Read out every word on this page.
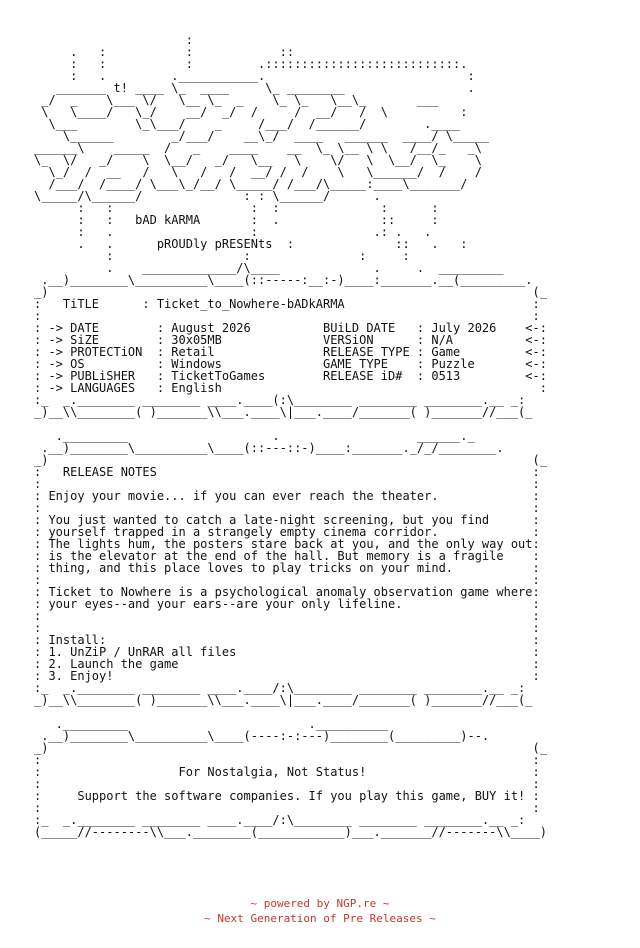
:
.   :           :            ::
:   :           :         .:::::::::::::::::::::::::::.
:   .         .___________.                            :
_______ t! ____ \_  ____     \_ ________                 .
_/  _    \___ \/   \__ \_  _    \_ \_   \__\_       ___
\   \____/   \_/    __/  _/  /     /  __/   /  \          :
\___        \_\___/    _     /___/  /______/        .____
\______        _/___/    __\_/  ____   ______  ____/ \_____
______\    _____  /   _    ____    __  \_ \__ \ \   /__/_   _\
\_  \/   _/    \  \__/   _/   \__   \    \/   \  \__/  \_    \
\_/  /  __   /   \   /   /  __/ /  /    \   \______/  /    /
/___/  /____/ \___\_/__/ \_____/ /___/\_____:____\_______/
\_____/\______/              : : \______/      .
:   :                   :  :              :      :
:   :   bAD kARMA       :  .              ::     :
:   .                   :                .: .   .
.   .      pROUDly pRESENts  :              ::   .   :
:                  :               :     :
.    _____________/\____             .     .  _________
.__)________\__________\____(::-----:__:-)____:_______.__(_________.
_)                                                                   (_
:   TiTLE      : Ticket_to_Nowhere-bADkARMA                          :
:                                                                    :
: -> DATE        : August 2026          BUiLD DATE   : July 2026    <-:
: -> SiZE        : 30x05MB              VERSiON      : N/A          <-:
: -> PROTECTiON  : Retail               RELEASE TYPE : Game         <-:
: -> OS          : Windows              GAME TYPE    : Puzzle       <-:
: -> PUBLiSHER   : TicketToGames        RELEASE iD#  : 0513         <-:
: -> LANGUAGES   : English                                            :
:_  _.________ ________ ____.____(:\________ ________ ________.__ _:
_)__\\________( )_______\\___.____\|___.____/_______( )_______//___(_

._________                    .                   ______._
.__)________\__________\____(::---::-)____:_______._/_/________.
_)                                                                   (_
:   RELEASE NOTES                                                    :
:                                                                    :
: Enjoy your movie... if you can ever reach the theater.             :
:                                                                    :
: You just wanted to catch a late-night screening, but you find      :
: yourself trapped in a strangely empty cinema corridor.             :
: The lights hum, the posters stare back at you, and the only way out:
: is the elevator at the end of the hall. But memory is a fragile    :
: thing, and this place loves to play tricks on your mind.           :
:                                                                    :
: Ticket to Nowhere is a psychological anomaly observation game where:
: your eyes--and your ears--are your only lifeline.                  :
:                                                                    :
:                                                                    :
: Install:                                                           :
: 1. UnZiP / UnRAR all files                                         :
: 2. Launch the game                                                 :
: 3. Enjoy!                                                          :
:_  _.________ ________ ____.____/:\________ ________ ________.__ _:
_)__\\________( )_______\\___.____\|___.____/_______( )_______//___(_

._________                         .__________
.__)________\__________\____(----:-:---)________(_________)--.
_)                                                                   (_
:                                                                    :
:                   For Nostalgia, Not Status!                       :
:                                                                    :
:     Support the software companies. If you play this game, BUY it! :
:                                                                    :
:_  _.________ ________ ____.____/:\________ ________ ________.__ _:
(_____//--------\\___.________(____________)___._______//-------\\____)
~ powered by NGP.re ~
~ Next Generation of Pre Releases ~
